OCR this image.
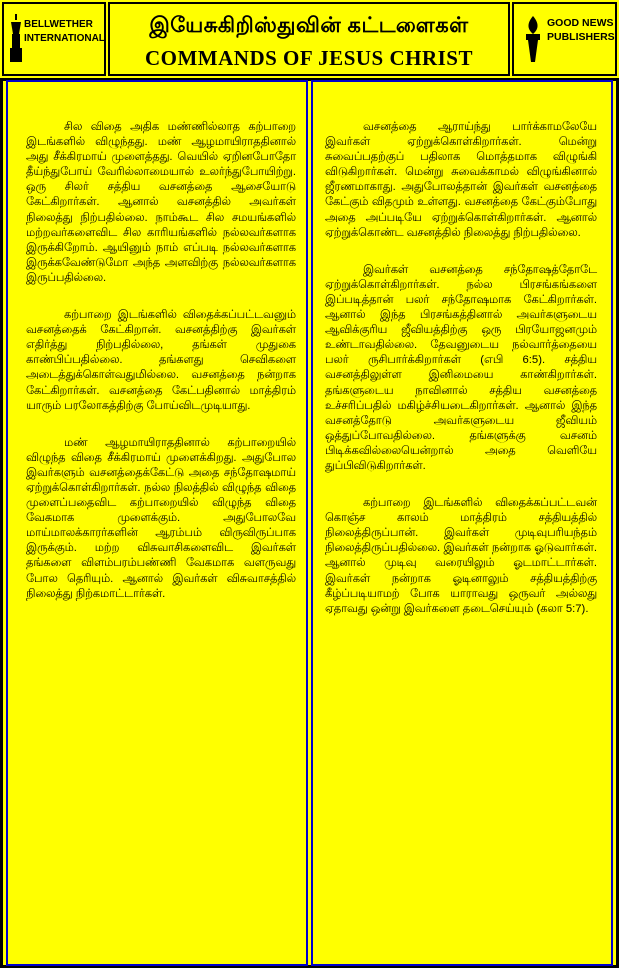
BELLWETHER
INTERNATIONAL
இயேசுகிறிஸ்துவின் கட்டளைகள்
COMMANDS OF JESUS CHRIST
GOOD NEWS
PUBLISHERS

சில விதை அதிக மண்ணில்லாத கற்பாறை இடங்களில் விழுந்தது. மண் ஆழமாயிராததினால் அது சீக்கிரமாய் முளைத்தது. வெயில் ஏறினபோதோ தீய்ந்துபோய் வேரில்லாமையால் உலர்ந்துபோயிற்று. ஒரு சிலர் சத்திய வசனத்தை ஆசையோடு கேட்கிறார்கள். ஆனால் வசனத்தில் அவர்கள் நிலைத்து நிற்பதில்லை. நாம்கூட சில சமயங்களில் மற்றவர்களைவிட சில காரியங்களில் நல்லவர்களாக இருக்கிறோம். ஆயினும் நாம் எப்படி நல்லவர்களாக இருக்கவேண்டுமோ அந்த அளவிற்கு நல்லவர்களாக இருப்பதில்லை.

கற்பாறை இடங்களில் விதைக்கப்பட்டவனும் வசனத்தைக் கேட்கிறான். வசனத்திற்கு இவர்கள் எதிர்த்து நிற்பதில்லை, தங்கள் முதுகை காண்பிப்பதில்லை. தங்களது செவிகளை அடைத்துக்கொள்வதுமில்லை. வசனத்தை நன்றாக கேட்கிறார்கள். வசனத்தை கேட்பதினால் மாத்திரம் யாரும் பரலோகத்திற்கு போய்விடமுடியாது.

மண் ஆழமாயிராததினால் கற்பாறையில் விழுந்த விதை சீக்கிரமாய் முளைக்கிறது. அதுபோல இவர்களும் வசனத்தைக்கேட்டு அதை சந்தோஷமாய் ஏற்றுக்கொள்கிறார்கள். நல்ல நிலத்தில் விழுந்த விதை முளைப்பதைவிட கற்பாறையில் விழுந்த விதை வேகமாக முளைக்கும். அதுபோலவே மாய்மாலக்காரர்களின் ஆரம்பம் விருவிருப்பாக இருக்கும். மற்ற விசுவாசிகளைவிட இவர்கள் தங்களை விளம்பரம்பண்ணி வேகமாக வளருவது போல தெரியும். ஆனால் இவர்கள் விசுவாசத்தில் நிலைத்து நிற்கமாட்டார்கள்.

வசனத்தை ஆராய்ந்து பார்க்காமலேயே இவர்கள் ஏற்றுக்கொள்கிறார்கள். மென்று சுவைப்பதற்குப் பதிலாக மொத்தமாக விழுங்கி விடுகிறார்கள். மென்று சுவைக்காமல் விழுங்கினால் ஜீரணமாகாது. அதுபோலத்தான் இவர்கள் வசனத்தை கேட்கும் விதமும் உள்ளது. வசனத்தை கேட்கும்போது அதை அப்படியே ஏற்றுக்கொள்கிறார்கள். ஆனால் ஏற்றுக்கொண்ட வசனத்தில் நிலைத்து நிற்பதில்லை.

இவர்கள் வசனத்தை சந்தோஷத்தோடே ஏற்றுக்கொள்கிறார்கள். நல்ல பிரசங்கங்களை இப்படித்தான் பலர் சந்தோஷமாக கேட்கிறார்கள். ஆனால் இந்த பிரசங்கத்தினால் அவர்களுடைய ஆவிக்குரிய ஜீவியத்திற்கு ஒரு பிரயோஜனமும் உண்டாவதில்லை. தேவனுடைய நல்வார்த்தையை பலர் ருசிபார்க்கிறார்கள் (எபி 6:5). சத்திய வசனத்திலுள்ள இனிமையை காண்கிறார்கள். தங்களுடைய நாவினால் சத்திய வசனத்தை உச்சரிப்பதில் மகிழ்ச்சியடைகிறார்கள். ஆனால் இந்த வசனத்தோடு அவர்களுடைய ஜீவியம் ஒத்துப்போவதில்லை. தங்களுக்கு வசனம் பிடிக்கவில்லையென்றால் அதை வெளியே துப்பிவிடுகிறார்கள்.

கற்பாறை இடங்களில் விதைக்கப்பட்டவன் கொஞ்ச காலம் மாத்திரம் சத்தியத்தில் நிலைத்திருப்பான். இவர்கள் முடிவுபரியந்தம் நிலைத்திருப்பதில்லை. இவர்கள் நன்றாக ஓடுவார்கள். ஆனால் முடிவு வரையிலும் ஓடமாட்டார்கள். இவர்கள் நன்றாக ஓடினாலும் சத்தியத்திற்கு கீழ்ப்படியாமற் போக யாராவது ஒருவர் அல்லது ஏதாவது ஒன்று இவர்களை தடைசெய்யும் (கலா 5:7).
